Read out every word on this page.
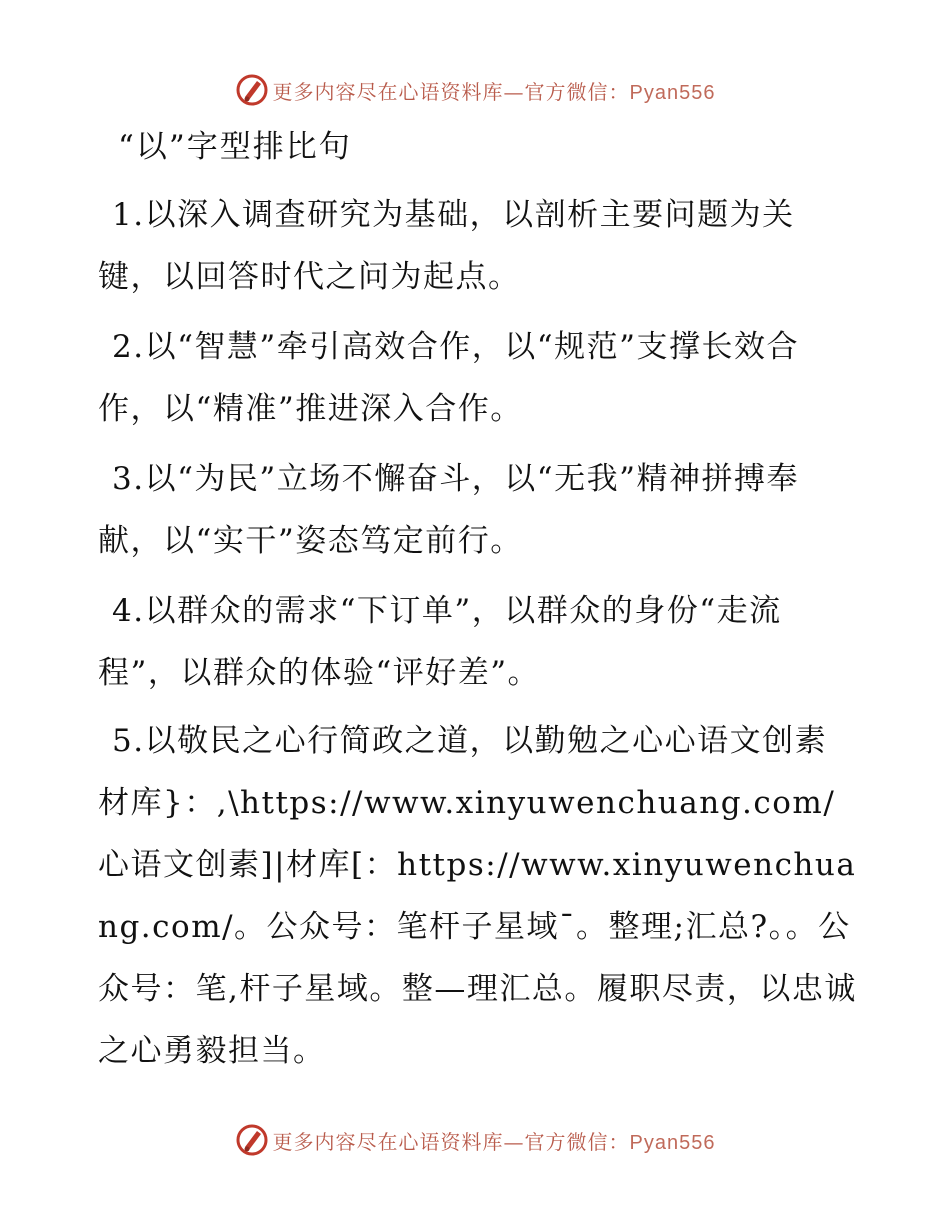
更多内容尽在心语资料库—官方微信：Pyan556

“以”字型排比句

1.以深入调查研究为基础，以剖析主要问题为关键，以回答时代之问为起点。

2.以“智慧”牵引高效合作，以“规范”支撑长效合作，以“精准”推进深入合作。

3.以“为民”立场不懈奋斗，以“无我”精神拼搏奉献，以“实干”姿态笃定前行。

4.以群众的需求“下订单”，以群众的身份“走流程”，以群众的体验“评好差”。

5.以敬民之心行简政之道，以勤勉之心心语文创素材库}：,\https://www.xinyuwenchuang.com/心语文创素]|材库[：https://www.xinyuwenchuang.com/。公众号：笔杆子星域¯。整理;汇总?。。公众号：笔,杆子星域。整—理汇总。履职尽责，以忠诚之心勇毅担当。

更多内容尽在心语资料库—官方微信：Pyan556
